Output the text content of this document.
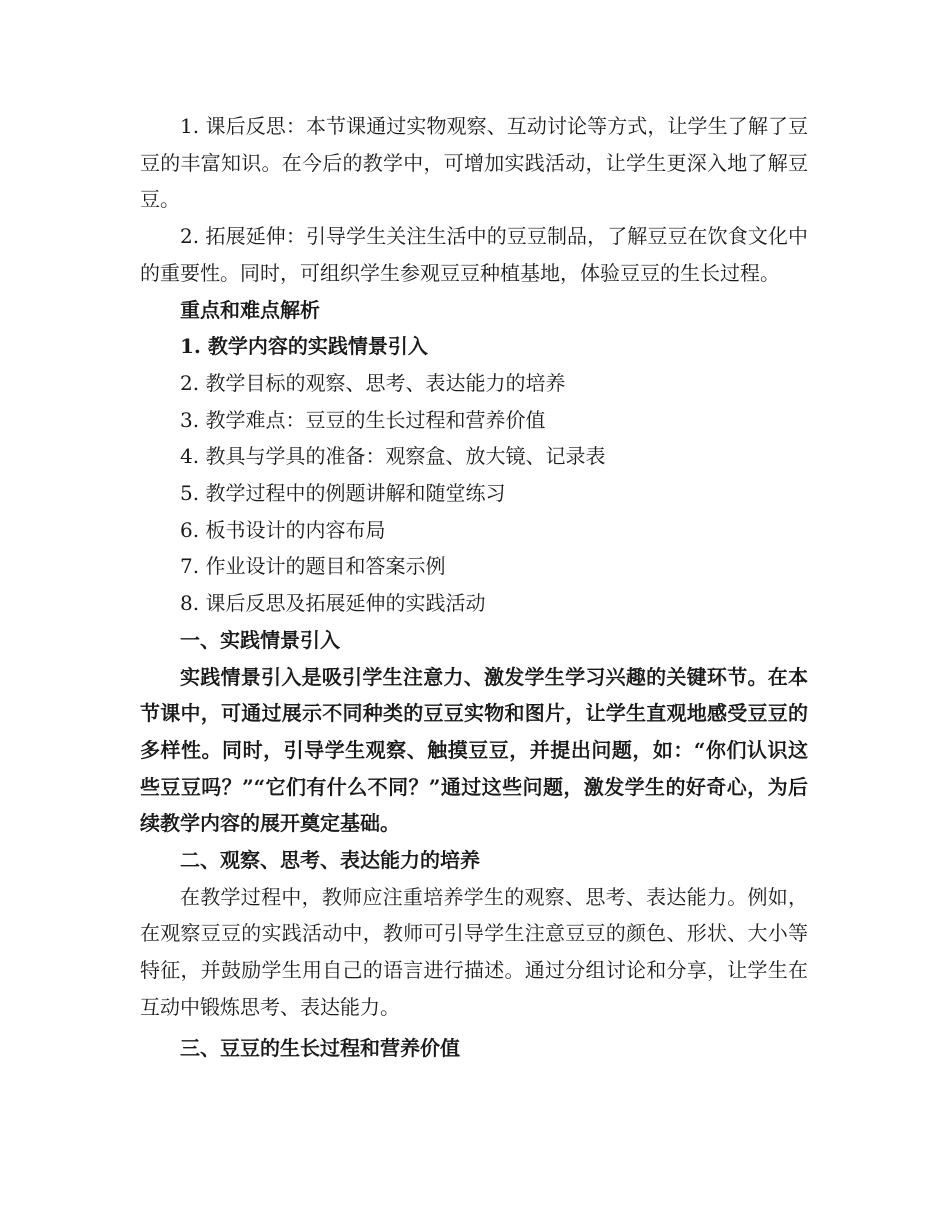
1. 课后反思：本节课通过实物观察、互动讨论等方式，让学生了解了豆豆的丰富知识。在今后的教学中，可增加实践活动，让学生更深入地了解豆豆。

2. 拓展延伸：引导学生关注生活中的豆豆制品，了解豆豆在饮食文化中的重要性。同时，可组织学生参观豆豆种植基地，体验豆豆的生长过程。

重点和难点解析

1. 教学内容的实践情景引入

2. 教学目标的观察、思考、表达能力的培养

3. 教学难点：豆豆的生长过程和营养价值

4. 教具与学具的准备：观察盒、放大镜、记录表

5. 教学过程中的例题讲解和随堂练习

6. 板书设计的内容布局

7. 作业设计的题目和答案示例

8. 课后反思及拓展延伸的实践活动

一、实践情景引入

实践情景引入是吸引学生注意力、激发学生学习兴趣的关键环节。在本节课中，可通过展示不同种类的豆豆实物和图片，让学生直观地感受豆豆的多样性。同时，引导学生观察、触摸豆豆，并提出问题，如：“你们认识这些豆豆吗？”“它们有什么不同？”通过这些问题，激发学生的好奇心，为后续教学内容的展开奠定基础。

二、观察、思考、表达能力的培养

在教学过程中，教师应注重培养学生的观察、思考、表达能力。例如，在观察豆豆的实践活动中，教师可引导学生注意豆豆的颜色、形状、大小等特征，并鼓励学生用自己的语言进行描述。通过分组讨论和分享，让学生在互动中锻炼思考、表达能力。

三、豆豆的生长过程和营养价值
